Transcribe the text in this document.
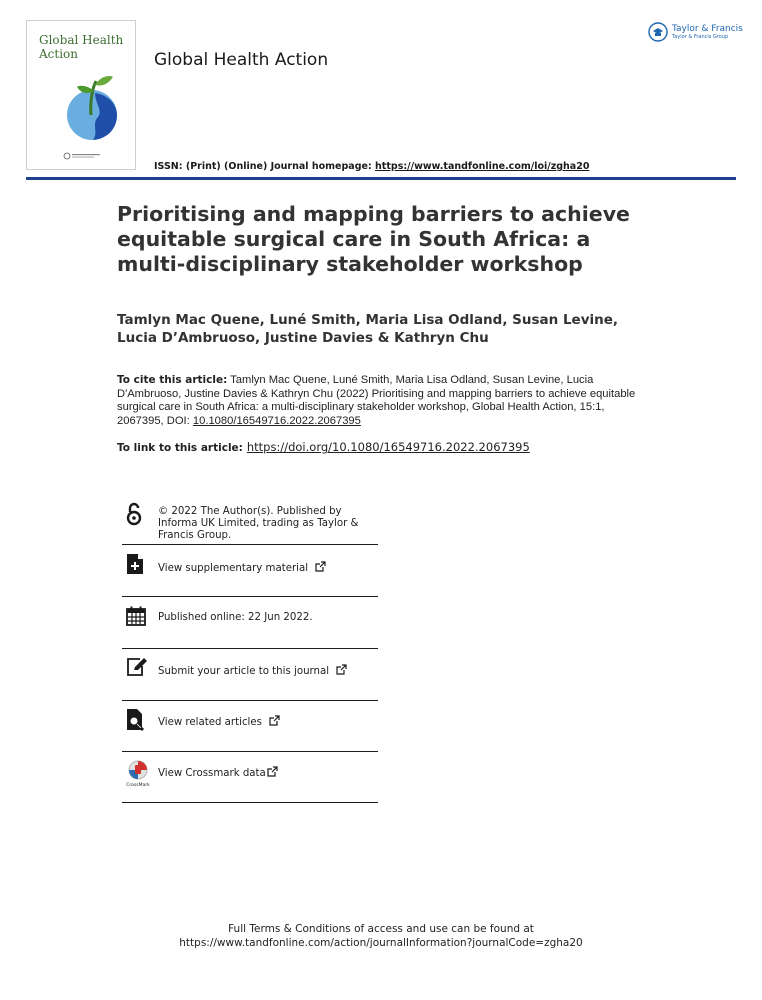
Global Health Action	Global Health Action
Taylor & Francis
Taylor & Francis Group
ISSN: (Print) (Online) Journal homepage: https://www.tandfonline.com/loi/zgha20
Prioritising and mapping barriers to achieve equitable surgical care in South Africa: a multi-disciplinary stakeholder workshop
Tamlyn Mac Quene, Luné Smith, Maria Lisa Odland, Susan Levine, Lucia D’Ambruoso, Justine Davies & Kathryn Chu
To cite this article: Tamlyn Mac Quene, Luné Smith, Maria Lisa Odland, Susan Levine, Lucia D'Ambruoso, Justine Davies & Kathryn Chu (2022) Prioritising and mapping barriers to achieve equitable surgical care in South Africa: a multi-disciplinary stakeholder workshop, Global Health Action, 15:1, 2067395, DOI: 10.1080/16549716.2022.2067395
To link to this article: https://doi.org/10.1080/16549716.2022.2067395
© 2022 The Author(s). Published by Informa UK Limited, trading as Taylor & Francis Group.
View supplementary material
Published online: 22 Jun 2022.
Submit your article to this journal
View related articles
CrossMark
View Crossmark data
Full Terms & Conditions of access and use can be found at
https://www.tandfonline.com/action/journalInformation?journalCode=zgha20
